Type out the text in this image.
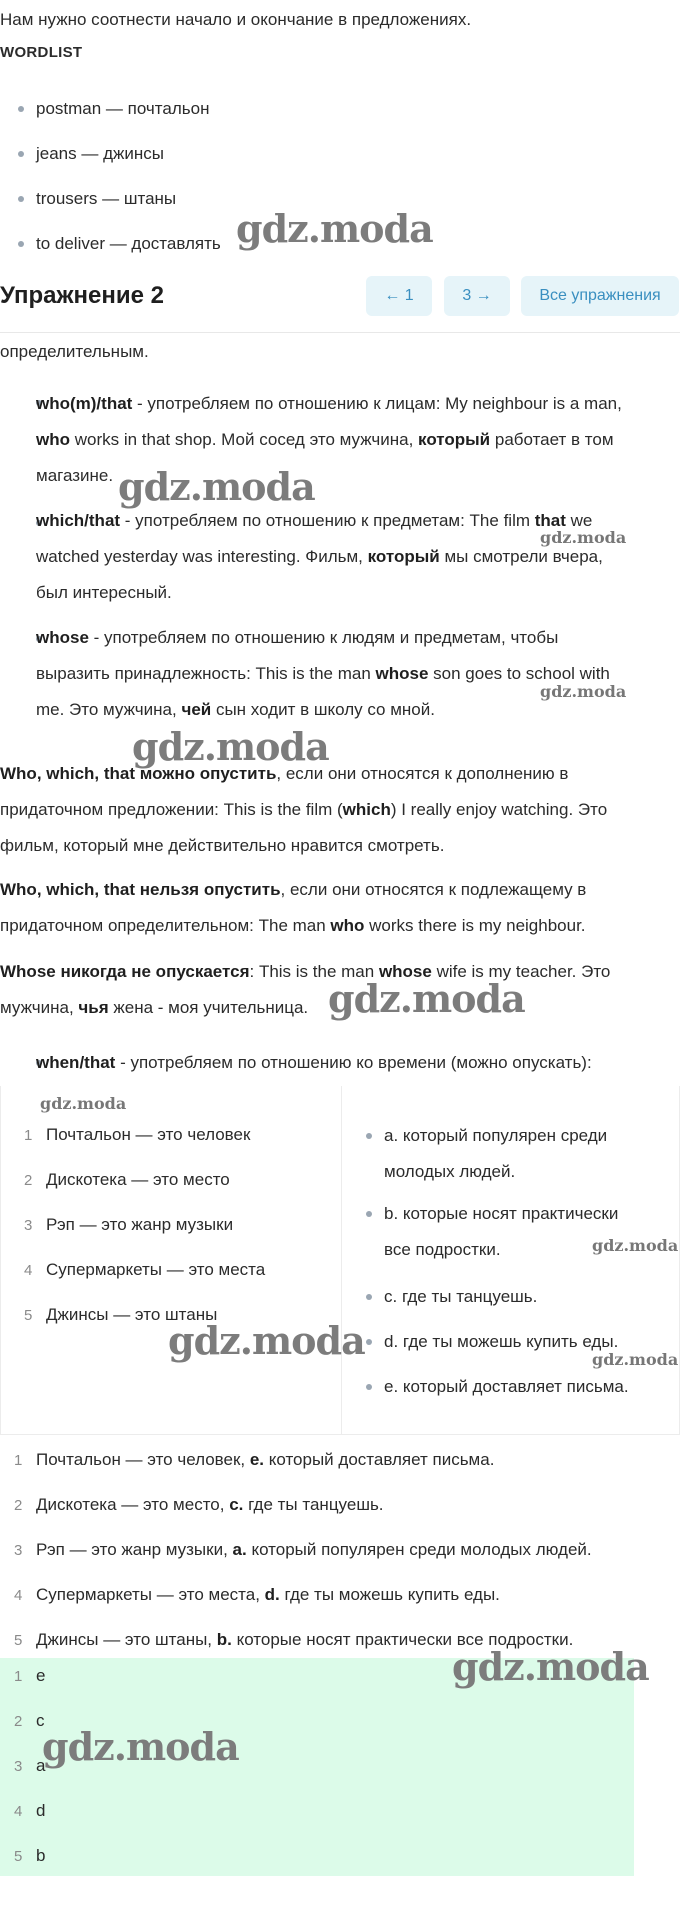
Нам нужно соотнести начало и окончание в предложениях.
WORDLIST
postman — почтальон
jeans — джинсы
trousers — штаны
to deliver — доставлять gdz.moda
Упражнение 2	← 1	3 →	Все упражнения
определительным.
who(m)/that - употребляем по отношению к лицам: My neighbour is a man,
who works in that shop. Мой сосед это мужчина, который работает в том
магазине. gdz.moda
which/that - употребляем по отношению к предметам: The film that we
watched yesterday was interesting. Фильм, который мы смотрели вчера,
был интересный.
gdz.moda
whose - употребляем по отношению к людям и предметам, чтобы
выразить принадлежность: This is the man whose son goes to school with
me. Это мужчина, чей сын ходит в школу со мной.
gdz.moda
gdz.moda
Who, which, that можно опустить, если они относятся к дополнению в
придаточном предложении: This is the film (which) I really enjoy watching. Это
фильм, который мне действительно нравится смотреть.
Who, which, that нельзя опустить, если они относятся к подлежащему в
придаточном определительном: The man who works there is my neighbour.
Whose никогда не опускается: This is the man whose wife is my teacher. Это
мужчина, чья жена - моя учительница. gdz.moda
when/that - употребляем по отношению ко времени (можно опускать):
gdz.moda
1 Почтальон — это человек
2 Дискотека — это место
3 Рэп — это жанр музыки
4 Супермаркеты — это места
5 Джинсы — это штаны
a. который популярен среди
молодых людей.
b. которые носят практически
все подростки.
c. где ты танцуешь.
d. где ты можешь купить еды.
e. который доставляет письма.
gdz.moda
gdz.moda
gdz.moda
1 Почтальон — это человек, e. который доставляет письма.
2 Дискотека — это место, c. где ты танцуешь.
3 Рэп — это жанр музыки, a. который популярен среди молодых людей.
4 Супермаркеты — это места, d. где ты можешь купить еды.
5 Джинсы — это штаны, b. которые носят практически все подростки.
1 e
2 c
3 a
4 d
5 b
gdz.moda
gdz.moda
